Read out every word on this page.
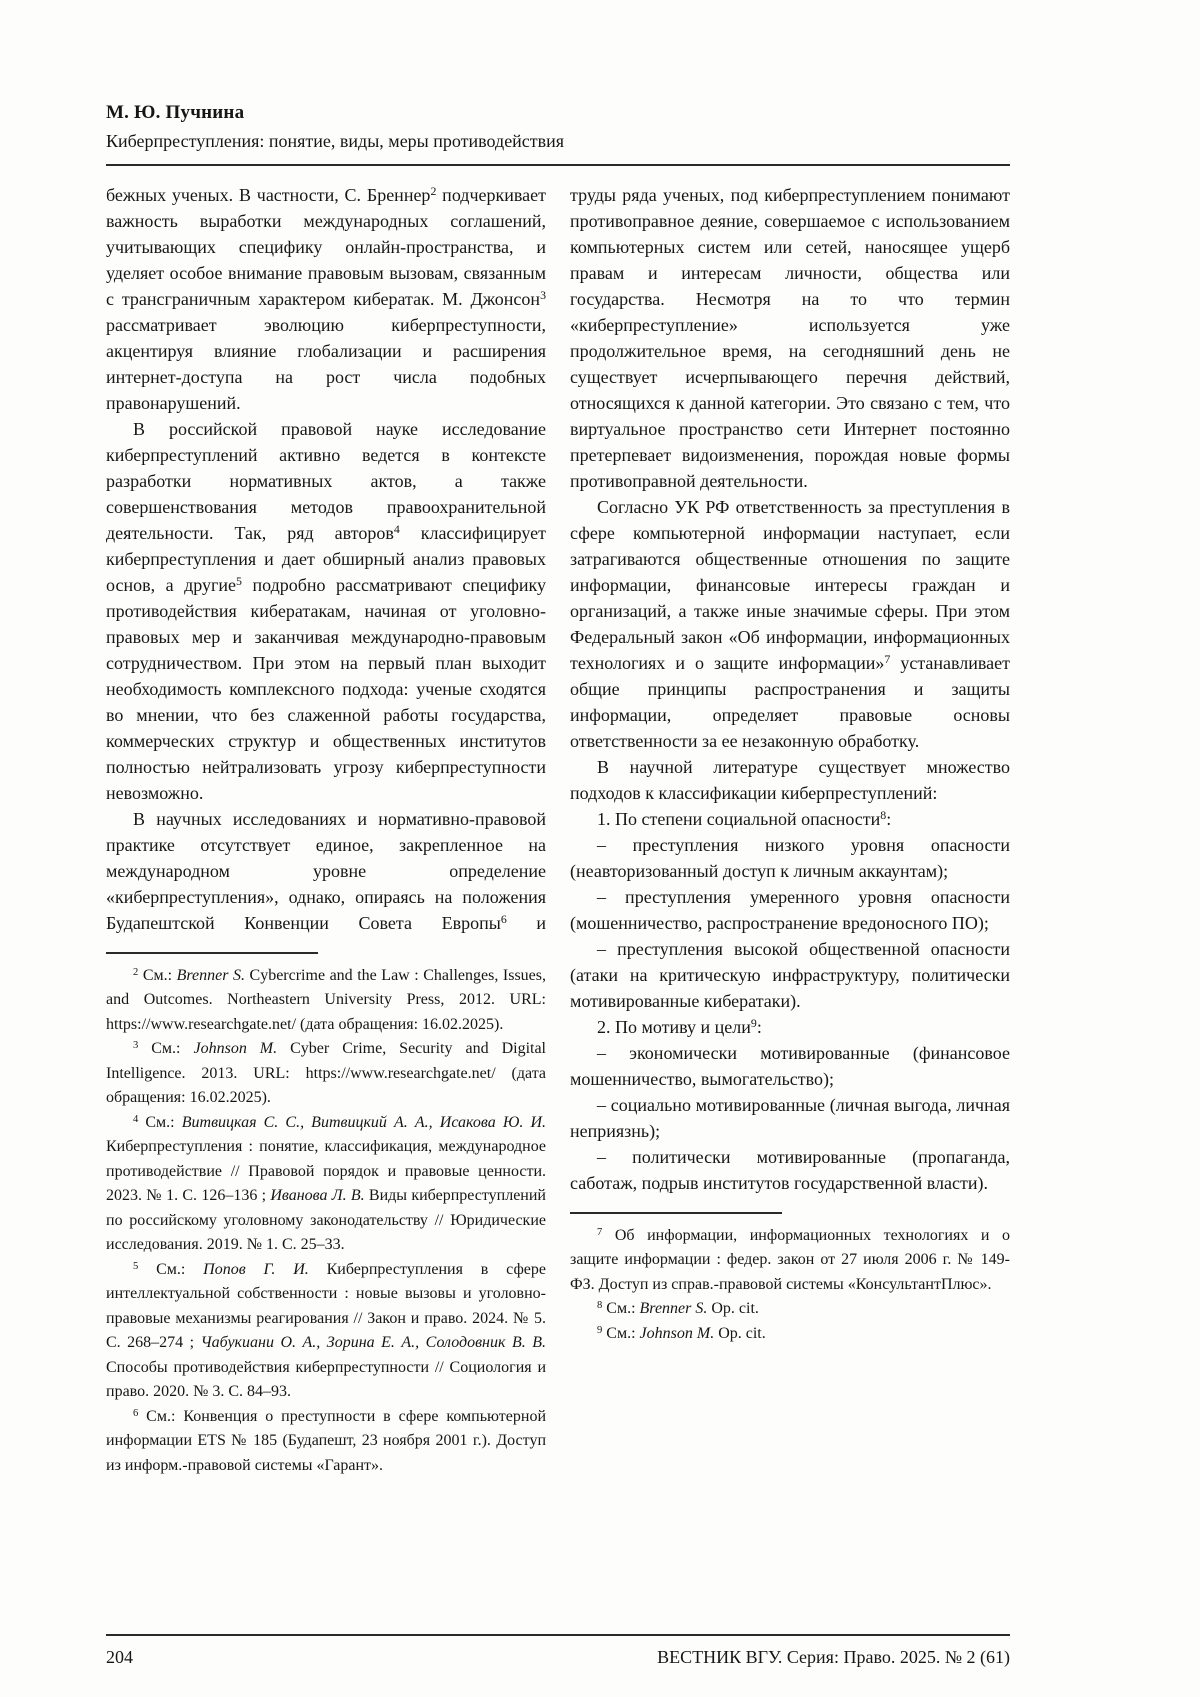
М. Ю. Пучнина
Киберпреступления: понятие, виды, меры противодействия

бежных ученых. В частности, С. Бреннер$^2$ подчеркивает важность выработки международных соглашений, учитывающих специфику онлайн-пространства, и уделяет особое внимание правовым вызовам, связанным с трансграничным характером кибератак. М. Джонсон$^3$ рассматривает эволюцию киберпреступности, акцентируя влияние глобализации и расширения интернет-доступа на рост числа подобных правонарушений.

В российской правовой науке исследование киберпреступлений активно ведется в контексте разработки нормативных актов, а также совершенствования методов правоохранительной деятельности. Так, ряд авторов$^4$ классифицирует киберпреступления и дает обширный анализ правовых основ, а другие$^5$ подробно рассматривают специфику противодействия кибератакам, начиная от уголовно-правовых мер и заканчивая международно-правовым сотрудничеством. При этом на первый план выходит необходимость комплексного подхода: ученые сходятся во мнении, что без слаженной работы государства, коммерческих структур и общественных институтов полностью нейтрализовать угрозу киберпреступности невозможно.

В научных исследованиях и нормативно-правовой практике отсутствует единое, закрепленное на международном уровне определение «киберпреступления», однако, опираясь на положения Будапештской Конвенции Совета Европы$^6$ и

$^2$ См.: Brenner S. Cybercrime and the Law : Challenges, Issues, and Outcomes. Northeastern University Press, 2012. URL: https://www.researchgate.net/ (дата обращения: 16.02.2025).

$^3$ См.: Johnson M. Cyber Crime, Security and Digital Intelligence. 2013. URL: https://www.researchgate.net/ (дата обращения: 16.02.2025).

$^4$ См.: Витвицкая С. С., Витвицкий А. А., Исакова Ю. И. Киберпреступления : понятие, классификация, международное противодействие // Правовой порядок и правовые ценности. 2023. № 1. С. 126–136 ; Иванова Л. В. Виды киберпреступлений по российскому уголовному законодательству // Юридические исследования. 2019. № 1. С. 25–33.

$^5$ См.: Попов Г. И. Киберпреступления в сфере интеллектуальной собственности : новые вызовы и уголовно-правовые механизмы реагирования // Закон и право. 2024. № 5. С. 268–274 ; Чабукиани О. А., Зорина Е. А., Солодовник В. В. Способы противодействия киберпреступности // Социология и право. 2020. № 3. С. 84–93.

$^6$ См.: Конвенция о преступности в сфере компьютерной информации ETS № 185 (Будапешт, 23 ноября 2001 г.). Доступ из информ.-правовой системы «Гарант».

труды ряда ученых, под киберпреступлением понимают противоправное деяние, совершаемое с использованием компьютерных систем или сетей, наносящее ущерб правам и интересам личности, общества или государства. Несмотря на то что термин «киберпреступление» используется уже продолжительное время, на сегодняшний день не существует исчерпывающего перечня действий, относящихся к данной категории. Это связано с тем, что виртуальное пространство сети Интернет постоянно претерпевает видоизменения, порождая новые формы противоправной деятельности.

Согласно УК РФ ответственность за преступления в сфере компьютерной информации наступает, если затрагиваются общественные отношения по защите информации, финансовые интересы граждан и организаций, а также иные значимые сферы. При этом Федеральный закон «Об информации, информационных технологиях и о защите информации»$^7$ устанавливает общие принципы распространения и защиты информации, определяет правовые основы ответственности за ее незаконную обработку.

В научной литературе существует множество подходов к классификации киберпреступлений:

1. По степени социальной опасности$^8$:

– преступления низкого уровня опасности (неавторизованный доступ к личным аккаунтам);

– преступления умеренного уровня опасности (мошенничество, распространение вредоносного ПО);

– преступления высокой общественной опасности (атаки на критическую инфраструктуру, политически мотивированные кибератаки).

2. По мотиву и цели$^9$:

– экономически мотивированные (финансовое мошенничество, вымогательство);

– социально мотивированные (личная выгода, личная неприязнь);

– политически мотивированные (пропаганда, саботаж, подрыв институтов государственной власти).

$^7$ Об информации, информационных технологиях и о защите информации : федер. закон от 27 июля 2006 г. № 149-ФЗ. Доступ из справ.-правовой системы «КонсультантПлюс».

$^8$ См.: Brenner S. Op. cit.

$^9$ См.: Johnson M. Op. cit.

204	ВЕСТНИК ВГУ. Серия: Право. 2025. № 2 (61)
